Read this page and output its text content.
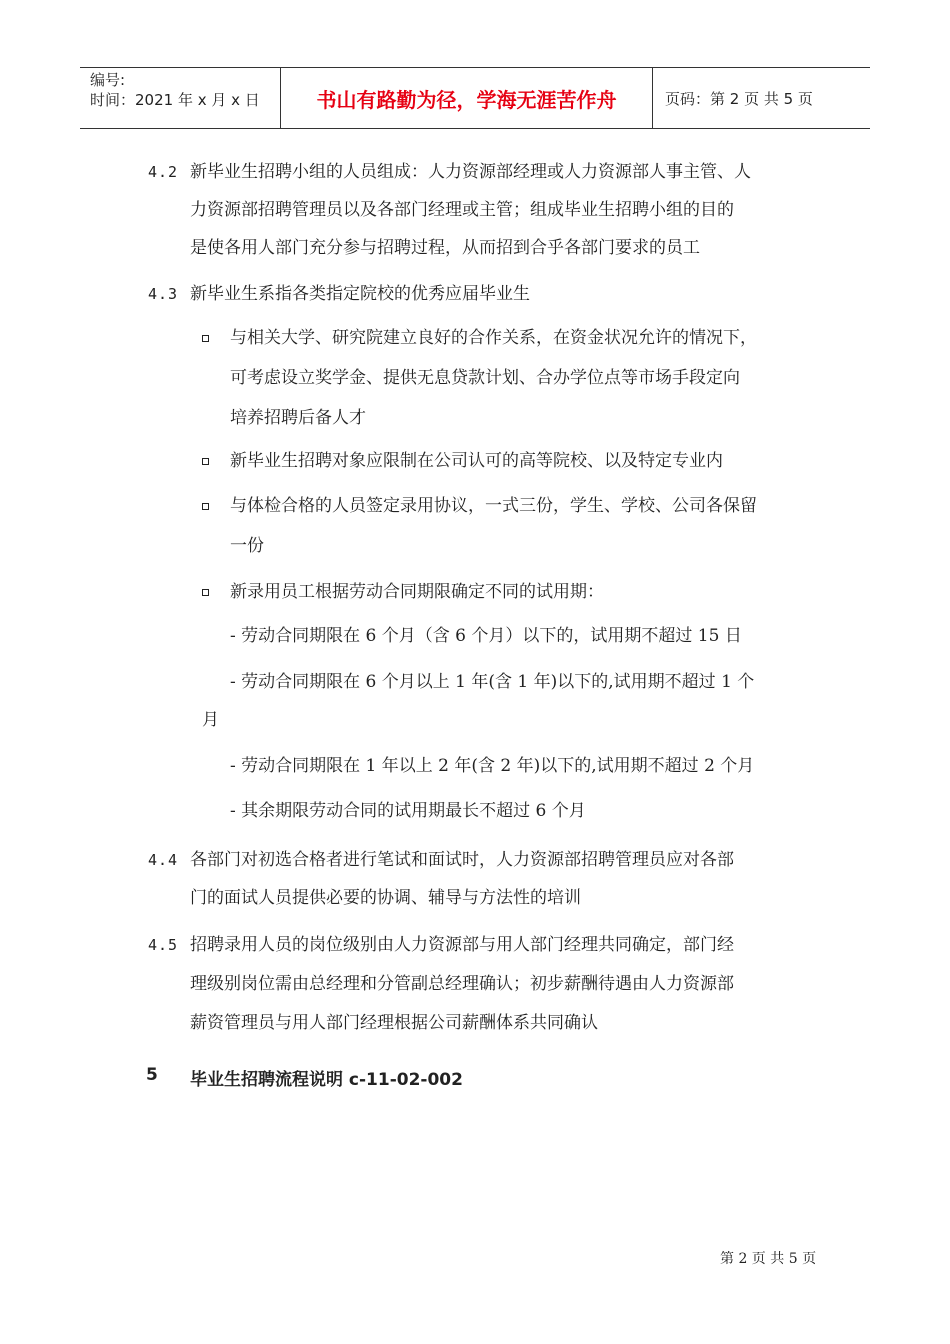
编号:
时间：2021 年 x 月 x 日	书山有路勤为径，学海无涯苦作舟	页码：第 2 页 共 5 页
4.2 新毕业生招聘小组的人员组成：人力资源部经理或人力资源部人事主管、人
力资源部招聘管理员以及各部门经理或主管；组成毕业生招聘小组的目的
是使各用人部门充分参与招聘过程，从而招到合乎各部门要求的员工
4.3 新毕业生系指各类指定院校的优秀应届毕业生
与相关大学、研究院建立良好的合作关系，在资金状况允许的情况下，
可考虑设立奖学金、提供无息贷款计划、合办学位点等市场手段定向
培养招聘后备人才
新毕业生招聘对象应限制在公司认可的高等院校、以及特定专业内
与体检合格的人员签定录用协议，一式三份，学生、学校、公司各保留
一份
新录用员工根据劳动合同期限确定不同的试用期：
- 劳动合同期限在 6 个月（含 6 个月）以下的，试用期不超过 15 日
- 劳动合同期限在 6 个月以上 1 年(含 1 年)以下的,试用期不超过 1 个
月
- 劳动合同期限在 1 年以上 2 年(含 2 年)以下的,试用期不超过 2 个月
- 其余期限劳动合同的试用期最长不超过 6 个月
4.4 各部门对初选合格者进行笔试和面试时，人力资源部招聘管理员应对各部
门的面试人员提供必要的协调、辅导与方法性的培训
4.5 招聘录用人员的岗位级别由人力资源部与用人部门经理共同确定，部门经
理级别岗位需由总经理和分管副总经理确认；初步薪酬待遇由人力资源部
薪资管理员与用人部门经理根据公司薪酬体系共同确认
5 毕业生招聘流程说明 c-11-02-002
第 2 页 共 5 页
